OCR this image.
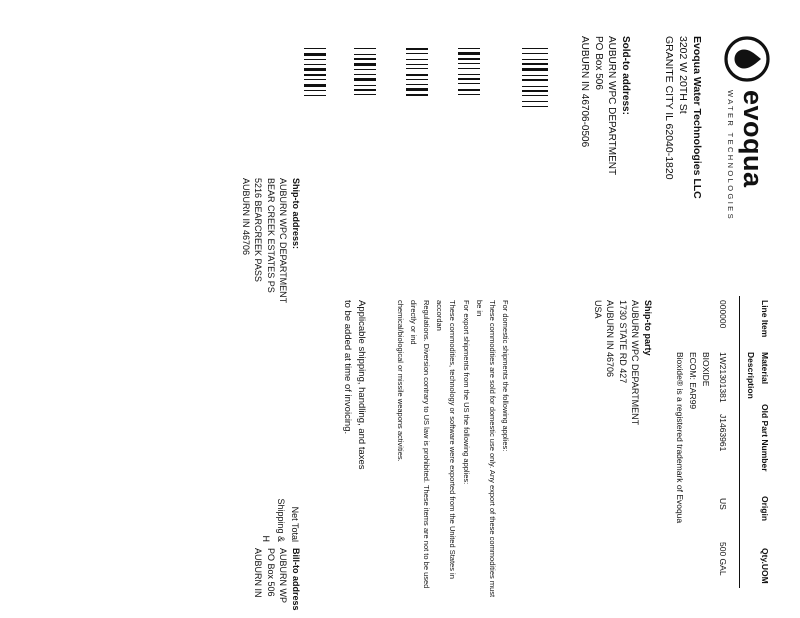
evoqua
WATER TECHNOLOGIES
Evoqua Water Technologies LLC
3202 W 20TH St
GRANITE CITY IL 62040-1820
Sold-to address:
AUBURN WPC DEPARTMENT
PO Box 506
AUBURN IN 46706-0506
Line Item
Material
Old Part Number
Origin
Qty.UOM
Description
000000
1W21301381
J1463961
US
500 GAL
BIOXIDE
ECOM: EAR99
Bioxide® is a registered trademark of Evoqua
Ship-to party
AUBURN WPC DEPARTMENT
1730 STATE RD 427
AUBURN IN 46706
USA
For domestic shipments the following applies:
These commodities are sold for domestic use only. Any export of these commodities must be in
For export shipments from the US the following applies:
These commodities, technology or software were exported from the United States in accordan
Regulations. Diversion contrary to US law is prohibited. These items are not to be used directly or ind
chemical/biological or missile weapons activities.
Applicable shipping, handling, and taxes
to be added at time of invoicing.
Ship-to address:
AUBURN WPC DEPARTMENT
BEAR CREEK ESTATES PS
5216 BEARCREEK PASS
AUBURN IN 46706
Bill-to address
AUBURN WP
PO Box 506
AUBURN IN
Net Total
Shipping & H
